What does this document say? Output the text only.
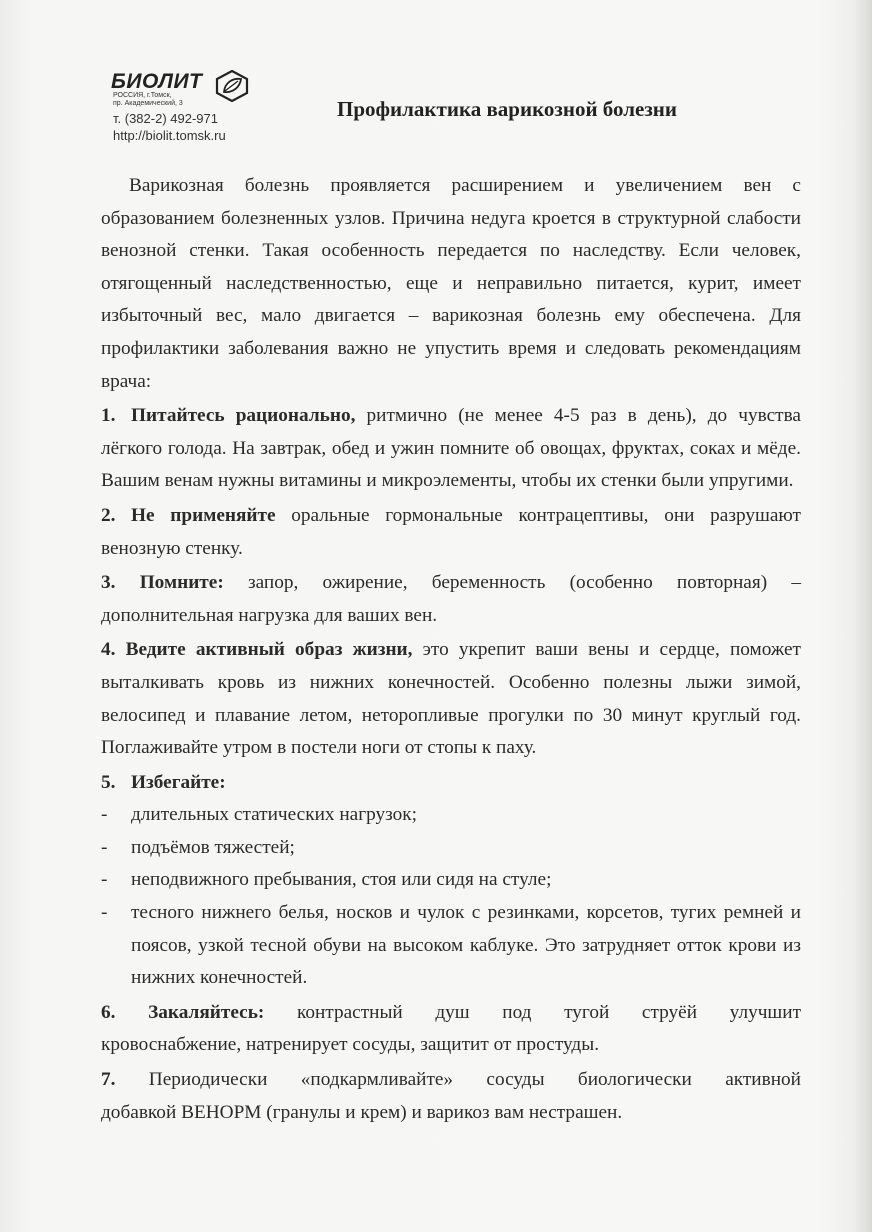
БИОЛИТ
РОССИЯ, г.Томск,
пр. Академический, 3
т. (382-2) 492-971
http://biolit.tomsk.ru
Профилактика варикозной болезни

Варикозная болезнь проявляется расширением и увеличением вен с образованием болезненных узлов. Причина недуга кроется в структурной слабости венозной стенки. Такая особенность передается по наследству. Если человек, отягощенный наследственностью, еще и неправильно питается, курит, имеет избыточный вес, мало двигается – варикозная болезнь ему обеспечена. Для профилактики заболевания важно не упустить время и следовать рекомендациям врача:

1. Питайтесь рационально, ритмично (не менее 4-5 раз в день), до чувства лёгкого голода. На завтрак, обед и ужин помните об овощах, фруктах, соках и мёде. Вашим венам нужны витамины и микроэлементы, чтобы их стенки были упругими.

2. Не применяйте оральные гормональные контрацептивы, они разрушают венозную стенку.

3. Помните: запор, ожирение, беременность (особенно повторная) – дополнительная нагрузка для ваших вен.

4. Ведите активный образ жизни, это укрепит ваши вены и сердце, поможет выталкивать кровь из нижних конечностей. Особенно полезны лыжи зимой, велосипед и плавание летом, неторопливые прогулки по 30 минут круглый год. Поглаживайте утром в постели ноги от стопы к паху.

5. Избегайте:

- длительных статических нагрузок;

- подъёмов тяжестей;

- неподвижного пребывания, стоя или сидя на стуле;

- тесного нижнего белья, носков и чулок с резинками, корсетов, тугих ремней и поясов, узкой тесной обуви на высоком каблуке. Это затрудняет отток крови из нижних конечностей.

6. Закаляйтесь: контрастный душ под тугой струёй улучшит

кровоснабжение, натренирует сосуды, защитит от простуды.

7. Периодически «подкармливайте» сосуды биологически активной

добавкой ВЕНОРМ (гранулы и крем) и варикоз вам нестрашен.
